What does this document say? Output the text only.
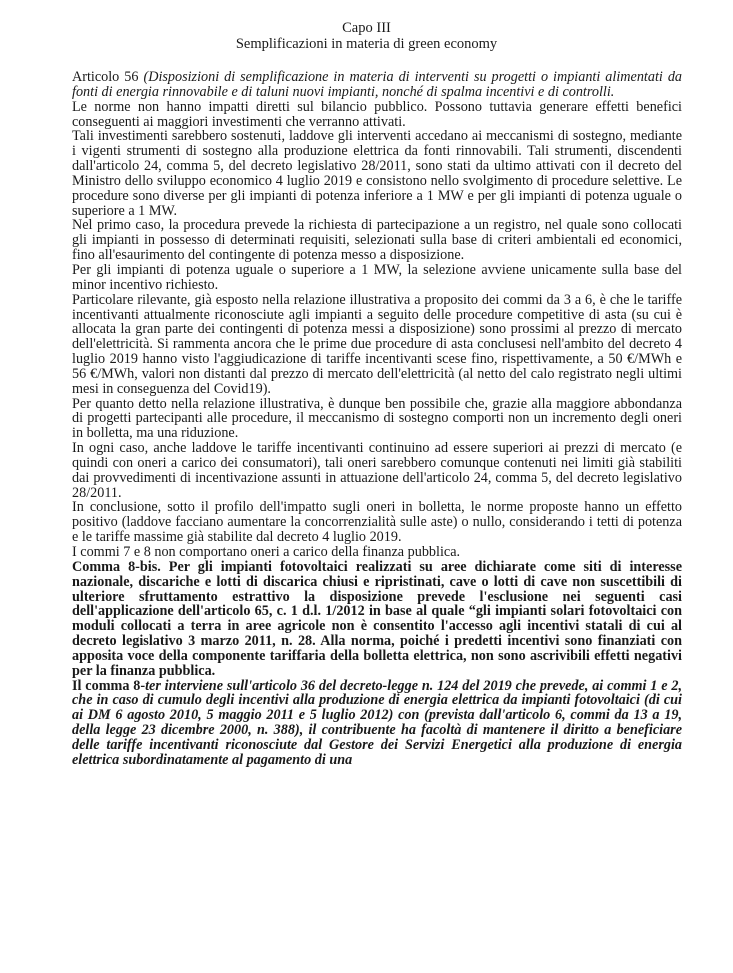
Capo III
Semplificazioni in materia di green economy

Articolo 56 (Disposizioni di semplificazione in materia di interventi su progetti o impianti alimentati da fonti di energia rinnovabile e di taluni nuovi impianti, nonché di spalma incentivi e di controlli.

Le norme non hanno impatti diretti sul bilancio pubblico. Possono tuttavia generare effetti benefici conseguenti ai maggiori investimenti che verranno attivati.

Tali investimenti sarebbero sostenuti, laddove gli interventi accedano ai meccanismi di sostegno, mediante i vigenti strumenti di sostegno alla produzione elettrica da fonti rinnovabili. Tali strumenti, discendenti dall'articolo 24, comma 5, del decreto legislativo 28/2011, sono stati da ultimo attivati con il decreto del Ministro dello sviluppo economico 4 luglio 2019 e consistono nello svolgimento di procedure selettive. Le procedure sono diverse per gli impianti di potenza inferiore a 1 MW e per gli impianti di potenza uguale o superiore a 1 MW.

Nel primo caso, la procedura prevede la richiesta di partecipazione a un registro, nel quale sono collocati gli impianti in possesso di determinati requisiti, selezionati sulla base di criteri ambientali ed economici, fino all'esaurimento del contingente di potenza messo a disposizione.

Per gli impianti di potenza uguale o superiore a 1 MW, la selezione avviene unicamente sulla base del minor incentivo richiesto.

Particolare rilevante, già esposto nella relazione illustrativa a proposito dei commi da 3 a 6, è che le tariffe incentivanti attualmente riconosciute agli impianti a seguito delle procedure competitive di asta (su cui è allocata la gran parte dei contingenti di potenza messi a disposizione) sono prossimi al prezzo di mercato dell'elettricità. Si rammenta ancora che le prime due procedure di asta conclusesi nell'ambito del decreto 4 luglio 2019 hanno visto l'aggiudicazione di tariffe incentivanti scese fino, rispettivamente, a 50 €/MWh e 56 €/MWh, valori non distanti dal prezzo di mercato dell'elettricità (al netto del calo registrato negli ultimi mesi in conseguenza del Covid19).

Per quanto detto nella relazione illustrativa, è dunque ben possibile che, grazie alla maggiore abbondanza di progetti partecipanti alle procedure, il meccanismo di sostegno comporti non un incremento degli oneri in bolletta, ma una riduzione.

In ogni caso, anche laddove le tariffe incentivanti continuino ad essere superiori ai prezzi di mercato (e quindi con oneri a carico dei consumatori), tali oneri sarebbero comunque contenuti nei limiti già stabiliti dai provvedimenti di incentivazione assunti in attuazione dell'articolo 24, comma 5, del decreto legislativo 28/2011.

In conclusione, sotto il profilo dell'impatto sugli oneri in bolletta, le norme proposte hanno un effetto positivo (laddove facciano aumentare la concorrenzialità sulle aste) o nullo, considerando i tetti di potenza e le tariffe massime già stabilite dal decreto 4 luglio 2019.

I commi 7 e 8 non comportano oneri a carico della finanza pubblica.

Comma 8-bis. Per gli impianti fotovoltaici realizzati su aree dichiarate come siti di interesse nazionale, discariche e lotti di discarica chiusi e ripristinati, cave o lotti di cave non suscettibili di ulteriore sfruttamento estrattivo la disposizione prevede l'esclusione nei seguenti casi dell'applicazione dell'articolo 65, c. 1 d.l. 1/2012 in base al quale “gli impianti solari fotovoltaici con moduli collocati a terra in aree agricole non è consentito l'accesso agli incentivi statali di cui al decreto legislativo 3 marzo 2011, n. 28. Alla norma, poiché i predetti incentivi sono finanziati con apposita voce della componente tariffaria della bolletta elettrica, non sono ascrivibili effetti negativi per la finanza pubblica.

Il comma 8-ter interviene sull'articolo 36 del decreto-legge n. 124 del 2019 che prevede, ai commi 1 e 2, che in caso di cumulo degli incentivi alla produzione di energia elettrica da impianti fotovoltaici (di cui ai DM 6 agosto 2010, 5 maggio 2011 e 5 luglio 2012) con (prevista dall'articolo 6, commi da 13 a 19, della legge 23 dicembre 2000, n. 388), il contribuente ha facoltà di mantenere il diritto a beneficiare delle tariffe incentivanti riconosciute dal Gestore dei Servizi Energetici alla produzione di energia elettrica subordinatamente al pagamento di una
